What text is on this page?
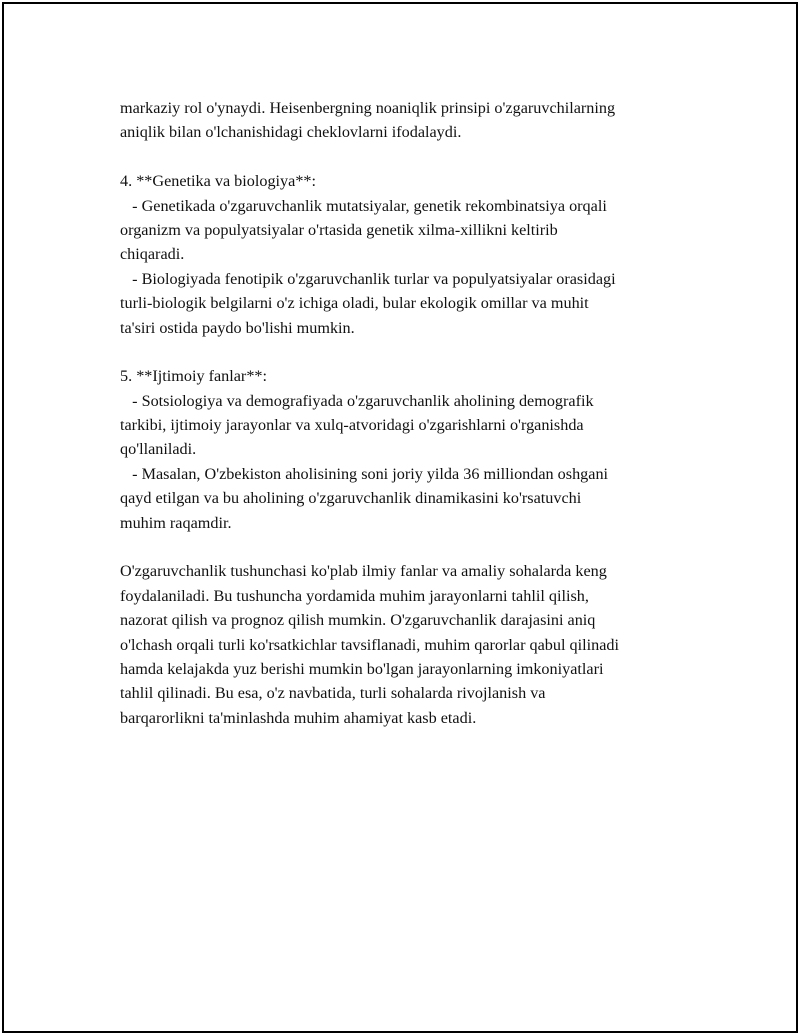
markaziy rol o'ynaydi. Heisenbergning noaniqlik prinsipi o'zgaruvchilarning
aniqlik bilan o'lchanishidagi cheklovlarni ifodalaydi.
4. **Genetika va biologiya**:
- Genetikada o'zgaruvchanlik mutatsiyalar, genetik rekombinatsiya orqali
organizm va populyatsiyalar o'rtasida genetik xilma-xillikni keltirib
chiqaradi.
- Biologiyada fenotipik o'zgaruvchanlik turlar va populyatsiyalar orasidagi
turli-biologik belgilarni o'z ichiga oladi, bular ekologik omillar va muhit
ta'siri ostida paydo bo'lishi mumkin.
5. **Ijtimoiy fanlar**:
- Sotsiologiya va demografiyada o'zgaruvchanlik aholining demografik
tarkibi, ijtimoiy jarayonlar va xulq-atvoridagi o'zgarishlarni o'rganishda
qo'llaniladi.
- Masalan, O'zbekiston aholisining soni joriy yilda 36 milliondan oshgani
qayd etilgan va bu aholining o'zgaruvchanlik dinamikasini ko'rsatuvchi
muhim raqamdir.
O'zgaruvchanlik tushunchasi ko'plab ilmiy fanlar va amaliy sohalarda keng
foydalaniladi. Bu tushuncha yordamida muhim jarayonlarni tahlil qilish,
nazorat qilish va prognoz qilish mumkin. O'zgaruvchanlik darajasini aniq
o'lchash orqali turli ko'rsatkichlar tavsiflanadi, muhim qarorlar qabul qilinadi
hamda kelajakda yuz berishi mumkin bo'lgan jarayonlarning imkoniyatlari
tahlil qilinadi. Bu esa, o'z navbatida, turli sohalarda rivojlanish va
barqarorlikni ta'minlashda muhim ahamiyat kasb etadi.
